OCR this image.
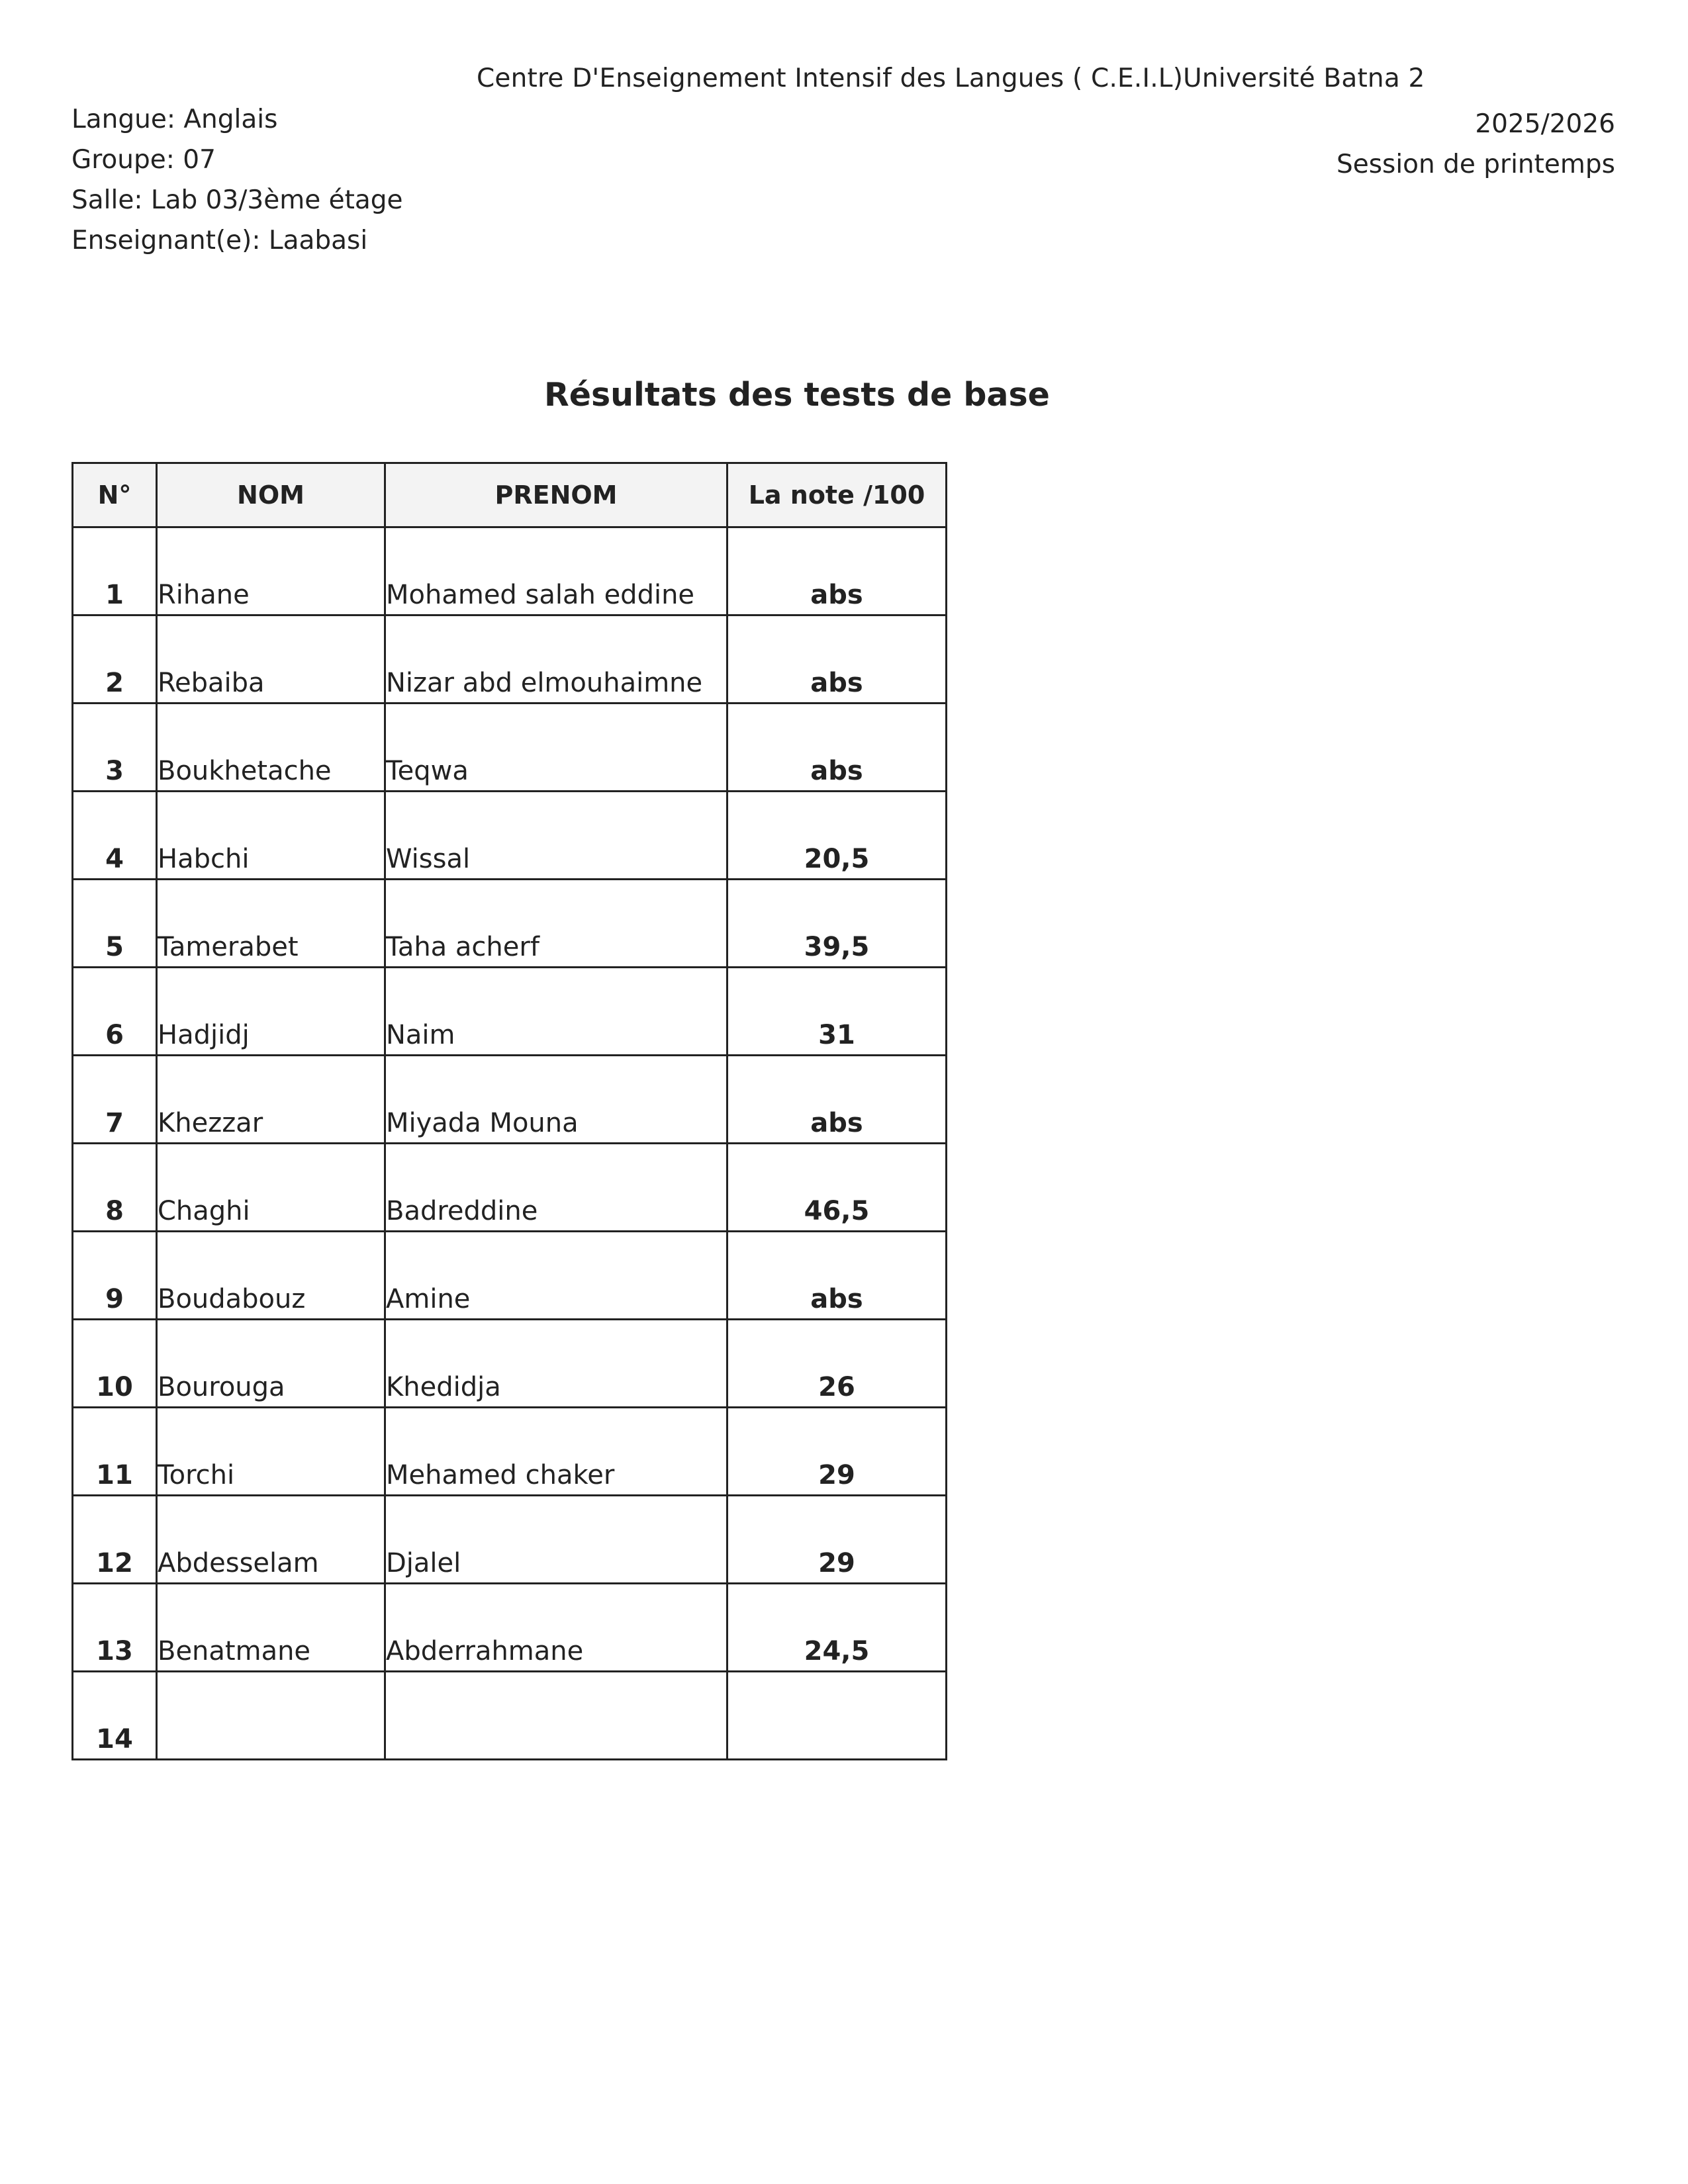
Centre D'Enseignement Intensif des Langues ( C.E.I.L)Université Batna 2
Langue: Anglais
Groupe: 07
Salle: Lab 03/3ème étage
Enseignant(e): Laabasi
2025/2026
Session de printemps
Résultats des tests de base
N°	NOM	PRENOM	La note /100
1	Rihane	Mohamed salah eddine	abs
2	Rebaiba	Nizar abd elmouhaimne	abs
3	Boukhetache	Teqwa	abs
4	Habchi	Wissal	20,5
5	Tamerabet	Taha acherf	39,5
6	Hadjidj	Naim	31
7	Khezzar	Miyada Mouna	abs
8	Chaghi	Badreddine	46,5
9	Boudabouz	Amine	abs
10	Bourouga	Khedidja	26
11	Torchi	Mehamed chaker	29
12	Abdesselam	Djalel	29
13	Benatmane	Abderrahmane	24,5
14			
